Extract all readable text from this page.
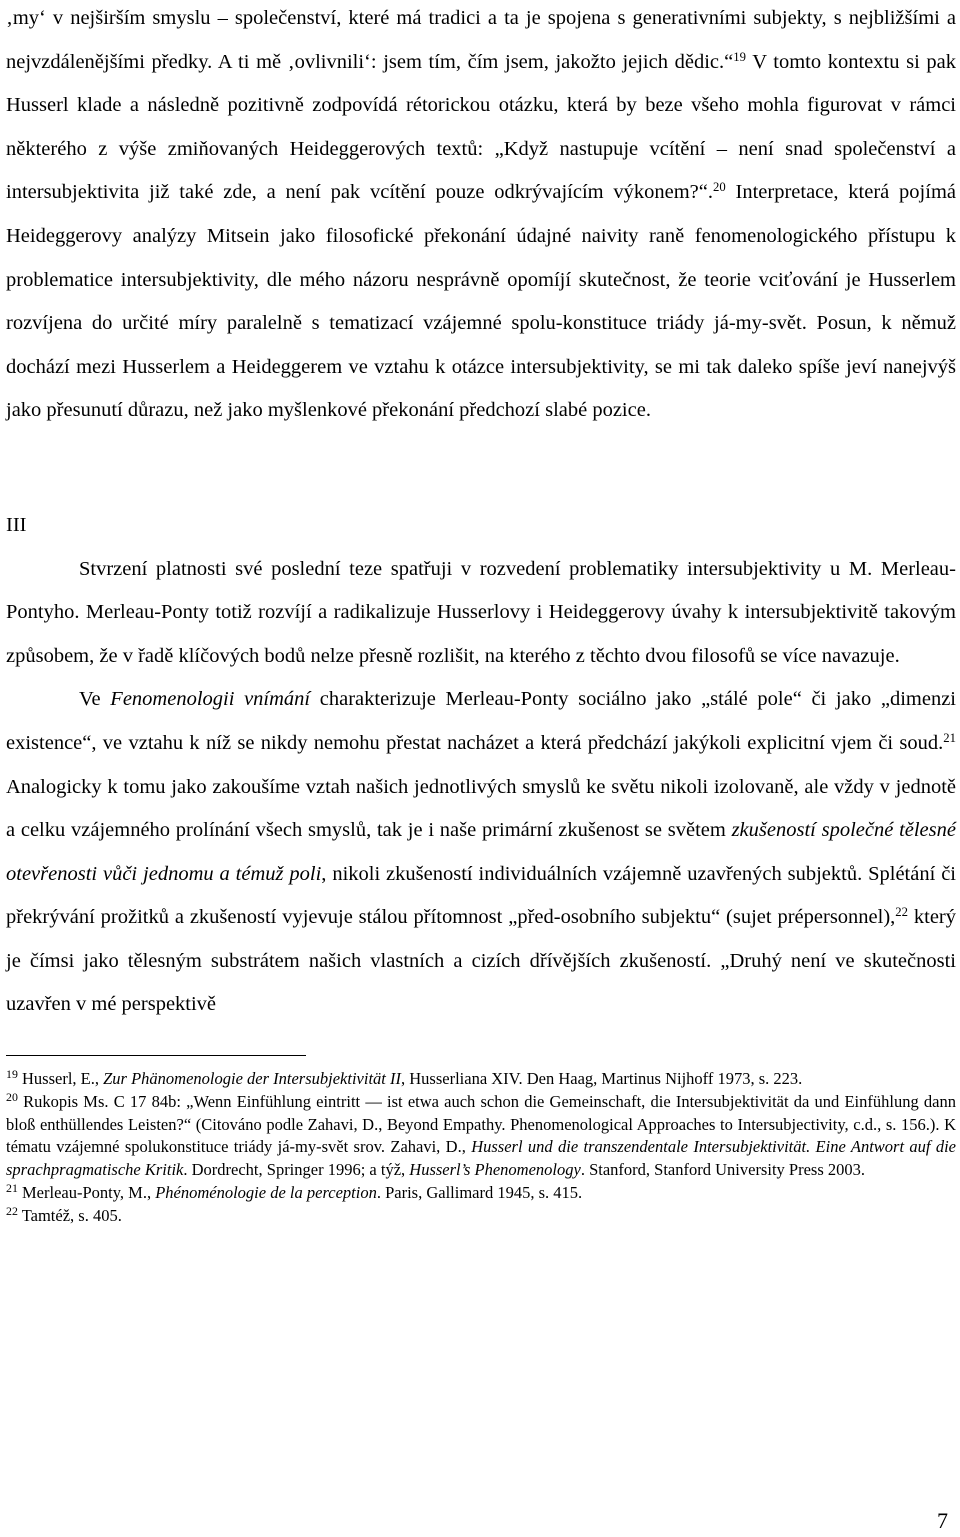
‚my‘ v nejširším smyslu – společenství, které má tradici a ta je spojena s generativními subjekty, s nejbližšími a nejvzdálenějšími předky. A ti mě ‚ovlivnili‘: jsem tím, čím jsem, jakožto jejich dědic.“$^{19}$ V tomto kontextu si pak Husserl klade a následně pozitivně zodpovídá rétorickou otázku, která by beze všeho mohla figurovat v rámci některého z výše zmiňovaných Heideggerových textů: „Když nastupuje vcítění – není snad společenství a intersubjektivita již také zde, a není pak vcítění pouze odkrývajícím výkonem?“.$^{20}$ Interpretace, která pojímá Heideggerovy analýzy Mitsein jako filosofické překonání údajné naivity raně fenomenologického přístupu k problematice intersubjektivity, dle mého názoru nesprávně opomíjí skutečnost, že teorie vciťování je Husserlem rozvíjena do určité míry paralelně s tematizací vzájemné spolu-konstituce triády já-my-svět. Posun, k němuž dochází mezi Husserlem a Heideggerem ve vztahu k otázce intersubjektivity, se mi tak daleko spíše jeví nanejvýš jako přesunutí důrazu, než jako myšlenkové překonání předchozí slabé pozice.

III

Stvrzení platnosti své poslední teze spatřuji v rozvedení problematiky intersubjektivity u M. Merleau-Pontyho. Merleau-Ponty totiž rozvíjí a radikalizuje Husserlovy i Heideggerovy úvahy k intersubjektivitě takovým způsobem, že v řadě klíčových bodů nelze přesně rozlišit, na kterého z těchto dvou filosofů se více navazuje.

Ve Fenomenologii vnímání charakterizuje Merleau-Ponty sociálno jako „stálé pole“ či jako „dimenzi existence“, ve vztahu k níž se nikdy nemohu přestat nacházet a která předchází jakýkoli explicitní vjem či soud.$^{21}$ Analogicky k tomu jako zakoušíme vztah našich jednotlivých smyslů ke světu nikoli izolovaně, ale vždy v jednotě a celku vzájemného prolínání všech smyslů, tak je i naše primární zkušenost se světem zkušeností společné tělesné otevřenosti vůči jednomu a témuž poli, nikoli zkušeností individuálních vzájemně uzavřených subjektů. Splétání či překrývání prožitků a zkušeností vyjevuje stálou přítomnost „před-osobního subjektu“ (sujet prépersonnel),$^{22}$ který je čímsi jako tělesným substrátem našich vlastních a cizích dřívějších zkušeností. „Druhý není ve skutečnosti uzavřen v mé perspektivě

$^{19}$ Husserl, E., Zur Phänomenologie der Intersubjektivität II, Husserliana XIV. Den Haag, Martinus Nijhoff 1973, s. 223.

$^{20}$ Rukopis Ms. C 17 84b: „Wenn Einfühlung eintritt — ist etwa auch schon die Gemeinschaft, die Intersubjektivität da und Einfühlung dann bloß enthüllendes Leisten?“ (Citováno podle Zahavi, D., Beyond Empathy. Phenomenological Approaches to Intersubjectivity, c.d., s. 156.). K tématu vzájemné spolukonstituce triády já-my-svět srov. Zahavi, D., Husserl und die transzendentale Intersubjektivität. Eine Antwort auf die sprachpragmatische Kritik. Dordrecht, Springer 1996; a týž, Husserl’s Phenomenology. Stanford, Stanford University Press 2003.

$^{21}$ Merleau-Ponty, M., Phénoménologie de la perception. Paris, Gallimard 1945, s. 415.

$^{22}$ Tamtéž, s. 405.

7
